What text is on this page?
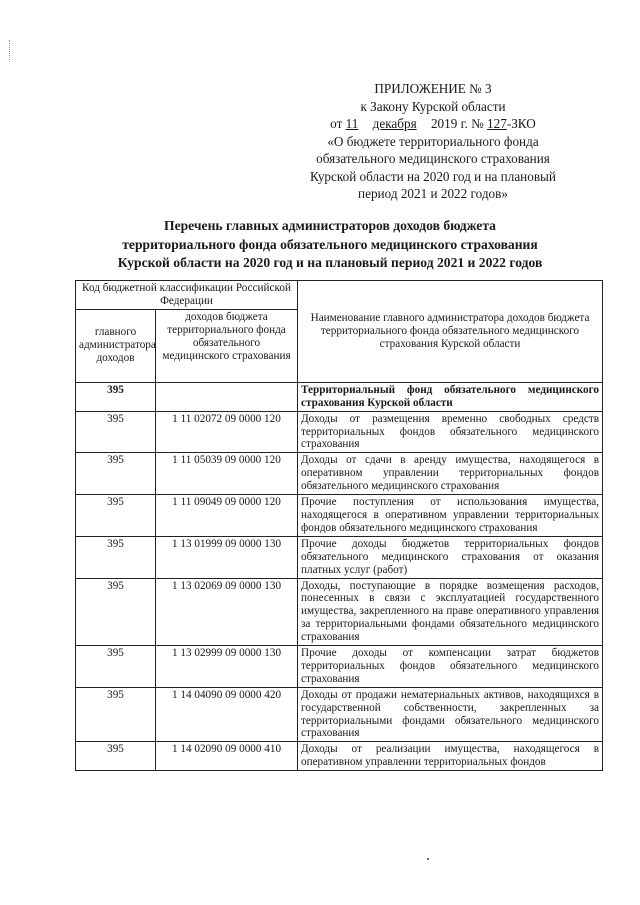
ПРИЛОЖЕНИЕ № 3
к Закону Курской области
от 11 декабря 2019 г. № 127-ЗКО
«О бюджете территориального фонда
обязательного медицинского страхования
Курской области на 2020 год и на плановый
период 2021 и 2022 годов»
Перечень главных администраторов доходов бюджета
территориального фонда обязательного медицинского страхования
Курской области на 2020 год и на плановый период 2021 и 2022 годов
Код бюджетной классификации Российской Федерации		Наименование главного администратора доходов бюджета территориального фонда обязательного медицинского страхования Курской области
главного администратора доходов	доходов бюджета территориального фонда обязательного медицинского страхования	
395		Территориальный фонд обязательного медицинского страхования Курской области
395	1 11 02072 09 0000 120	Доходы от размещения временно свободных средств территориальных фондов обязательного медицинского страхования
395	1 11 05039 09 0000 120	Доходы от сдачи в аренду имущества, находящегося в оперативном управлении территориальных фондов обязательного медицинского страхования
395	1 11 09049 09 0000 120	Прочие поступления от использования имущества, находящегося в оперативном управлении территориальных фондов обязательного медицинского страхования
395	1 13 01999 09 0000 130	Прочие доходы бюджетов территориальных фондов обязательного медицинского страхования от оказания платных услуг (работ)
395	1 13 02069 09 0000 130	Доходы, поступающие в порядке возмещения расходов, понесенных в связи с эксплуатацией государственного имущества, закрепленного на праве оперативного управления за территориальными фондами обязательного медицинского страхования
395	1 13 02999 09 0000 130	Прочие доходы от компенсации затрат бюджетов территориальных фондов обязательного медицинского страхования
395	1 14 04090 09 0000 420	Доходы от продажи нематериальных активов, находящихся в государственной собственности, закрепленных за территориальными фондами обязательного медицинского страхования
395	1 14 02090 09 0000 410	Доходы от реализации имущества, находящегося в оперативном управлении территориальных фондов
